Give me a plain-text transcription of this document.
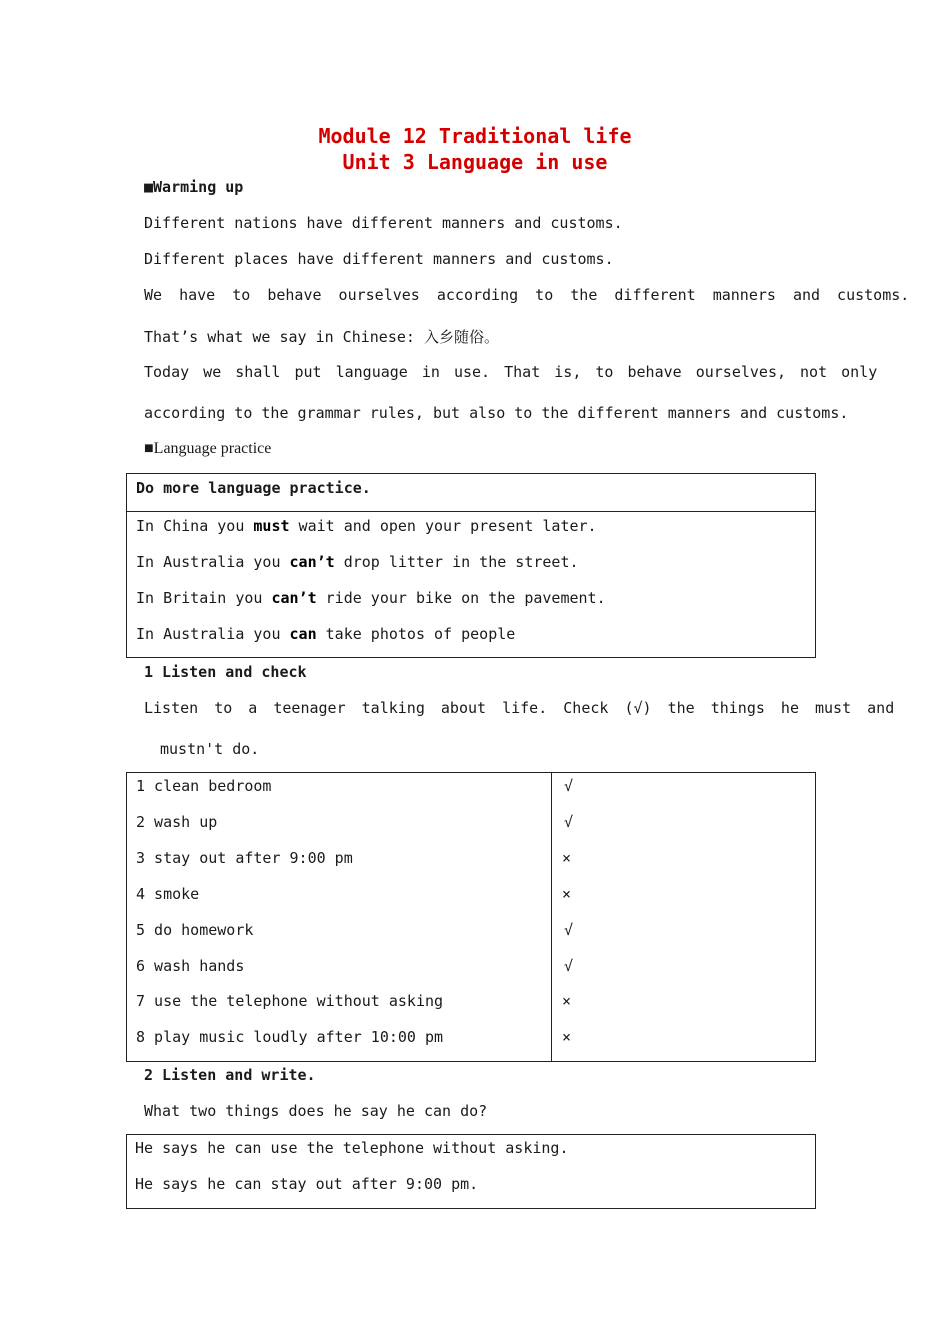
Module 12 Traditional life
Unit 3 Language in use
■Warming up
Different nations have different manners and customs.
Different places have different manners and customs.
We have to behave ourselves according to the different manners and customs.
That’s what we say in Chinese: 入乡随俗。
Today we shall put language in use. That is, to behave ourselves, not only
according to the grammar rules, but also to the different manners and customs.
■Language practice
Do more language practice.
In China you must wait and open your present later.
In Australia you can’t drop litter in the street.
In Britain you can’t ride your bike on the pavement.
In Australia you can take photos of people
1 Listen and check
Listen to a teenager talking about life. Check (√) the things he must and
mustn't do.
1 clean bedroom	√
2 wash up	√
3 stay out after 9:00 pm	×
4 smoke	×
5 do homework	√
6 wash hands	√
7 use the telephone without asking	×
8 play music loudly after 10:00 pm	×
2 Listen and write.
What two things does he say he can do?
He says he can use the telephone without asking.
He says he can stay out after 9:00 pm.
